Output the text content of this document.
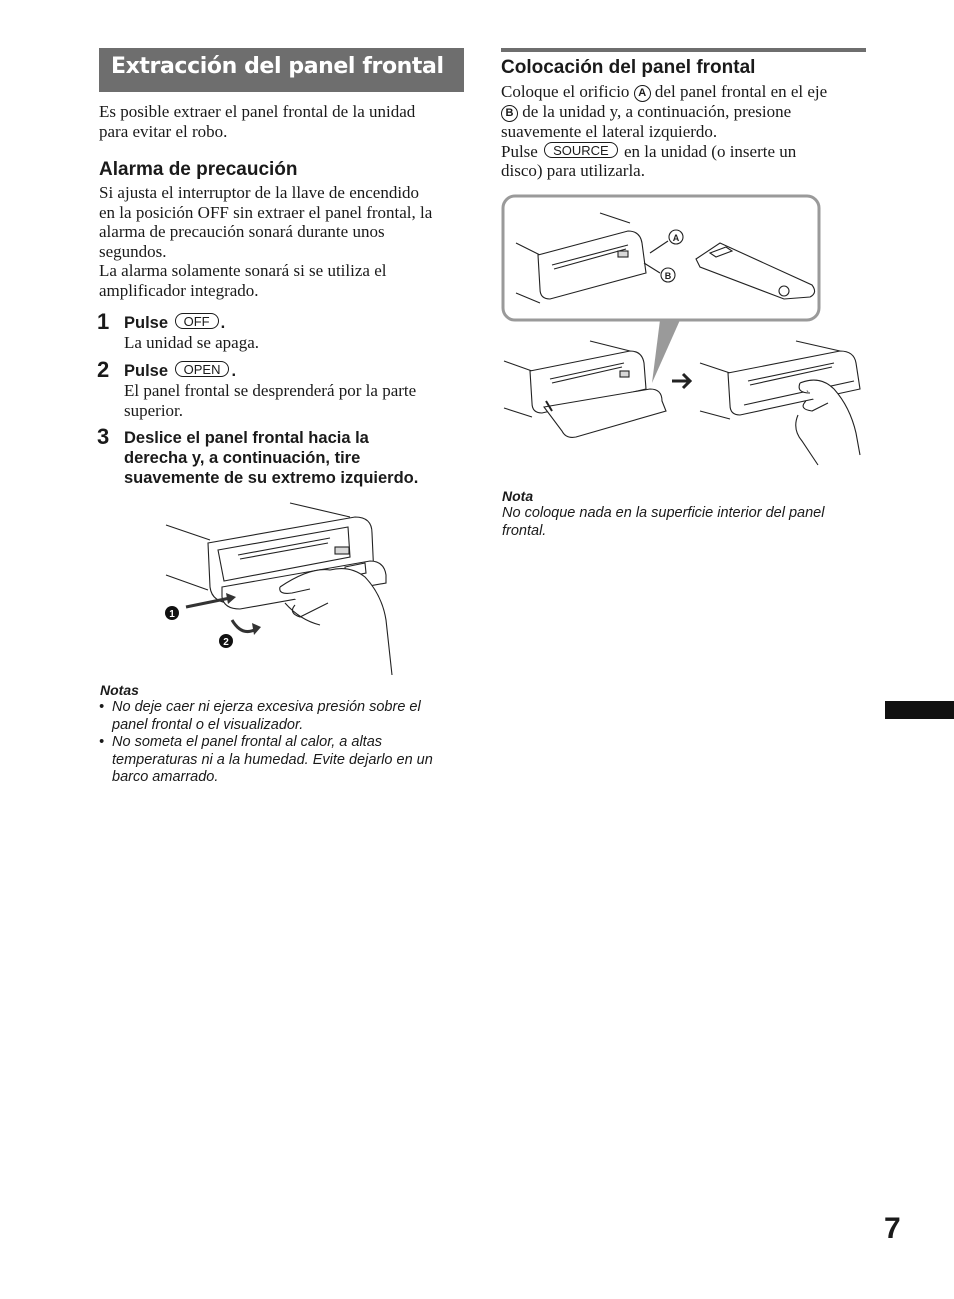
Extracción del panel frontal
Es posible extraer el panel frontal de la unidad
para evitar el robo.
Alarma de precaución
Si ajusta el interruptor de la llave de encendido
en la posición OFF sin extraer el panel frontal, la
alarma de precaución sonará durante unos
segundos.
La alarma solamente sonará si se utiliza el
amplificador integrado.
1 Pulse OFF .
La unidad se apaga.
2 Pulse OPEN .
El panel frontal se desprenderá por la parte
superior.
3 Deslice el panel frontal hacia la
derecha y, a continuación, tire
suavemente de su extremo izquierdo.
1
2
Notas
• No deje caer ni ejerza excesiva presión sobre el
panel frontal o el visualizador.
• No someta el panel frontal al calor, a altas
temperaturas ni a la humedad. Evite dejarlo en un
barco amarrado.
Colocación del panel frontal
Coloque el orificio A del panel frontal en el eje
B de la unidad y, a continuación, presione
suavemente el lateral izquierdo.
Pulse SOURCE en la unidad (o inserte un
disco) para utilizarla.
A
B
Nota
No coloque nada en la superficie interior del panel
frontal.
7
